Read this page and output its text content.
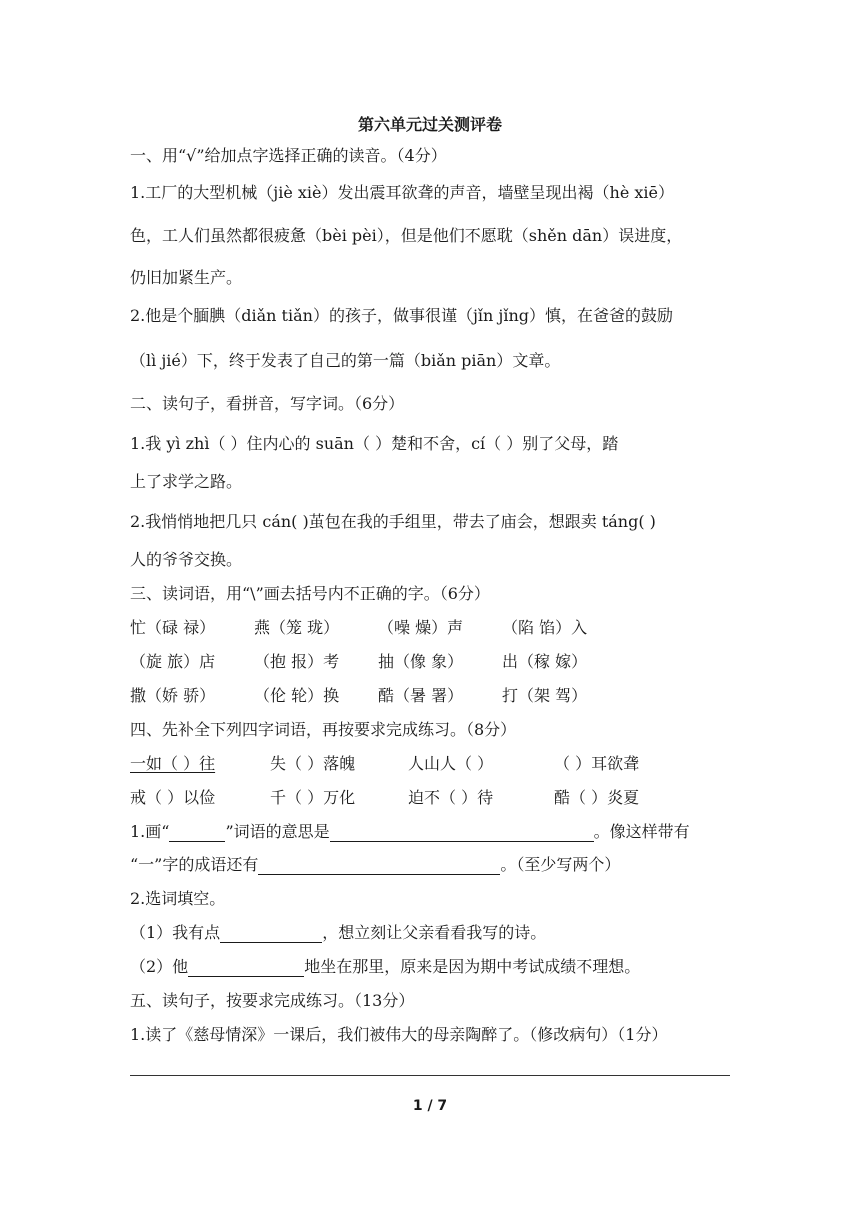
第六单元过关测评卷
一、用“√”给加点字选择正确的读音。（4分）
1.工厂的大型机械（jiè xiè）发出震耳欲聋的声音，墙壁呈现出褐（hè xiē）
色，工人们虽然都很疲惫（bèi pèi），但是他们不愿耽（shěn dān）误进度，
仍旧加紧生产。
2.他是个腼腆（diǎn tiǎn）的孩子，做事很谨（jǐn jǐng）慎，在爸爸的鼓励
（lì jié）下，终于发表了自己的第一篇（biǎn piān）文章。
二、读句子，看拼音，写字词。（6分）
1.我 yì zhì（ ）住内心的 suān（ ）楚和不舍，cí（ ）别了父母，踏
上了求学之路。
2.我悄悄地把几只 cán( )茧包在我的手组里，带去了庙会，想跟卖 táng( )
人的爷爷交换。
三、读词语，用“\”画去括号内不正确的字。（6分）
忙（碌 禄） 燕（笼 珑） （噪 燥）声 （陷 馅）入
（旋 旅）店 （抱 报）考 抽（像 象） 出（稼 嫁）
撒（娇 骄） （伦 轮）换 酷（暑 署） 打（架 驾）
四、先补全下列四字词语，再按要求完成练习。（8分）
一如（ ）往	失（ ）落魄	人山人（ ）	（ ）耳欲聋
戒（ ）以俭	千（ ）万化	迫不（ ）待	酷（ ）炎夏
1.画“	”词语的意思是	。像这样带有
“一”字的成语还有	。（至少写两个）
2.选词填空。
（1）我有点	，想立刻让父亲看看我写的诗。
（2）他	地坐在那里，原来是因为期中考试成绩不理想。
五、读句子，按要求完成练习。（13分）
1.读了《慈母情深》一课后，我们被伟大的母亲陶醉了。（修改病句）（1分）
1 / 7
